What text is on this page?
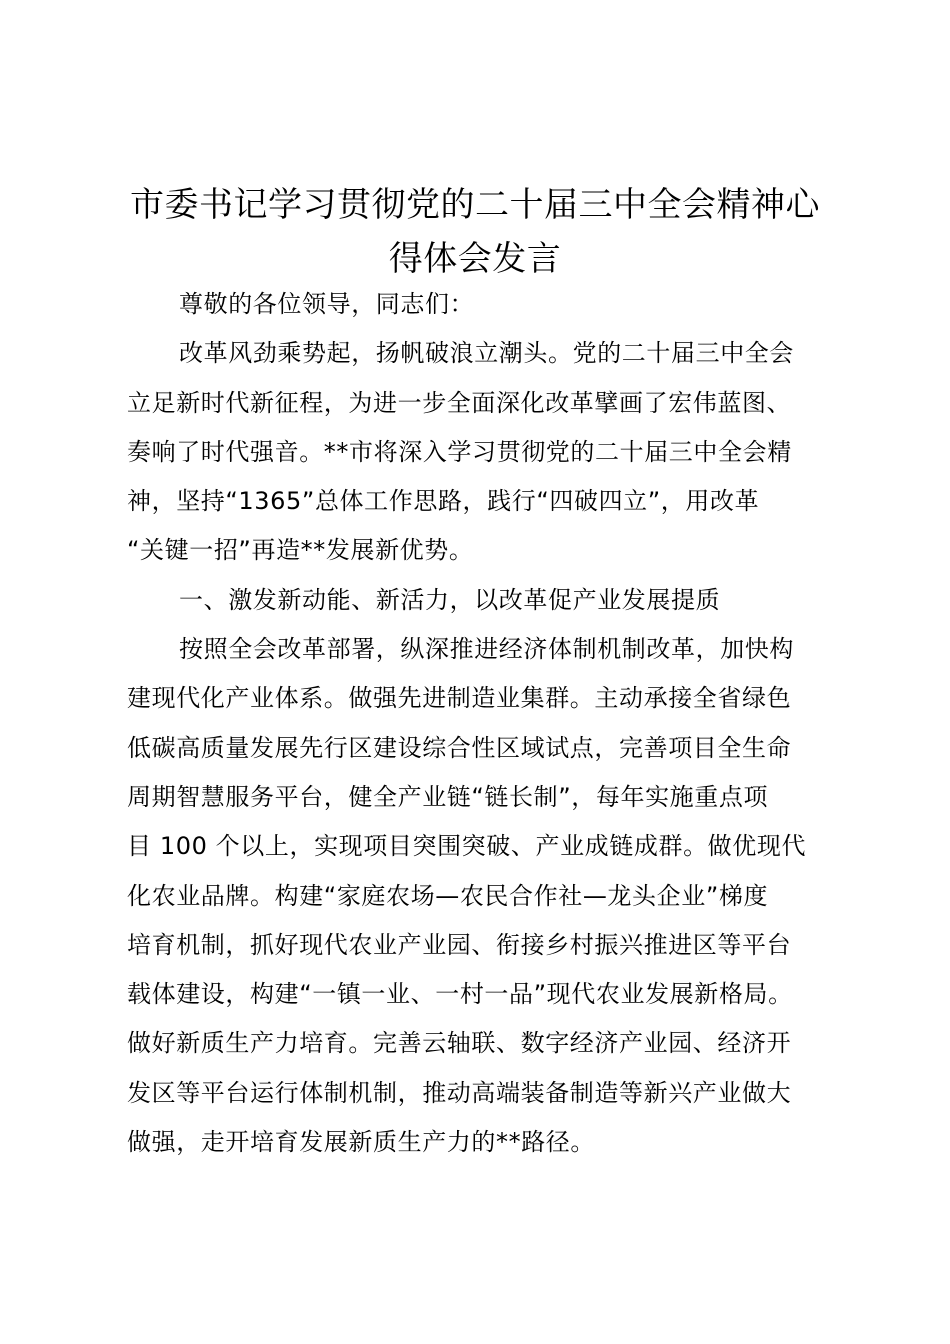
市委书记学习贯彻党的二十届三中全会精神心
得体会发言
尊敬的各位领导，同志们：
改革风劲乘势起，扬帆破浪立潮头。党的二十届三中全会
立足新时代新征程，为进一步全面深化改革擘画了宏伟蓝图、
奏响了时代强音。**市将深入学习贯彻党的二十届三中全会精
神，坚持“1365”总体工作思路，践行“四破四立”，用改革
“关键一招”再造**发展新优势。
一、激发新动能、新活力，以改革促产业发展提质
按照全会改革部署，纵深推进经济体制机制改革，加快构
建现代化产业体系。做强先进制造业集群。主动承接全省绿色
低碳高质量发展先行区建设综合性区域试点，完善项目全生命
周期智慧服务平台，健全产业链“链长制”，每年实施重点项
目 100 个以上，实现项目突围突破、产业成链成群。做优现代
化农业品牌。构建“家庭农场—农民合作社—龙头企业”梯度
培育机制，抓好现代农业产业园、衔接乡村振兴推进区等平台
载体建设，构建“一镇一业、一村一品”现代农业发展新格局。
做好新质生产力培育。完善云轴联、数字经济产业园、经济开
发区等平台运行体制机制，推动高端装备制造等新兴产业做大
做强，走开培育发展新质生产力的**路径。
